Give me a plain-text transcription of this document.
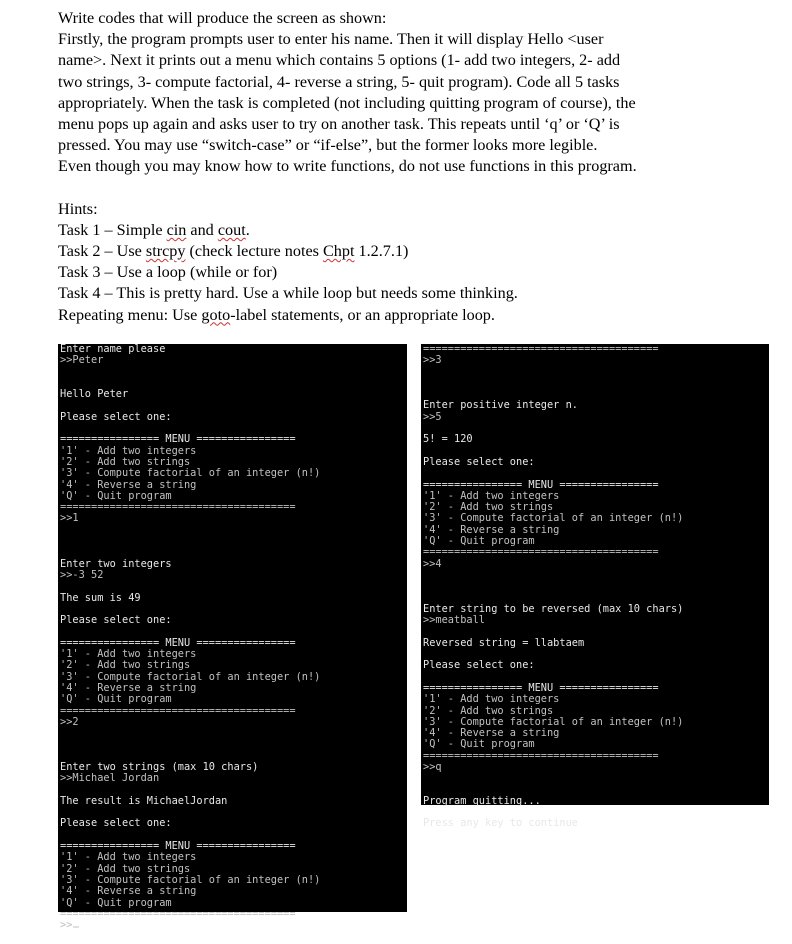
Write codes that will produce the screen as shown:

Firstly, the program prompts user to enter his name. Then it will display Hello <user

name>. Next it prints out a menu which contains 5 options (1- add two integers, 2- add

two strings, 3- compute factorial, 4- reverse a string, 5- quit program). Code all 5 tasks

appropriately. When the task is completed (not including quitting program of course), the

menu pops up again and asks user to try on another task. This repeats until ‘q’ or ‘Q’ is

pressed. You may use “switch-case” or “if-else”, but the former looks more legible.

Even though you may know how to write functions, do not use functions in this program.

Hints:

Task 1 – Simple cin and cout.

Task 2 – Use strcpy (check lecture notes Chpt 1.2.7.1)

Task 3 – Use a loop (while or for)

Task 4 – This is pretty hard. Use a while loop but needs some thinking.

Repeating menu: Use goto-label statements, or an appropriate loop.

Enter name please
>>Peter
Hello Peter
Please select one:
================ MENU ================
'1' - Add two integers
'2' - Add two strings
'3' - Compute factorial of an integer (n!)
'4' - Reverse a string
'Q' - Quit program
======================================
>>1
Enter two integers
>>-3 52
The sum is 49
Please select one:
================ MENU ================
'1' - Add two integers
'2' - Add two strings
'3' - Compute factorial of an integer (n!)
'4' - Reverse a string
'Q' - Quit program
======================================
>>2
Enter two strings (max 10 chars)
>>Michael Jordan
The result is MichaelJordan
Please select one:
================ MENU ================
'1' - Add two integers
'2' - Add two strings
'3' - Compute factorial of an integer (n!)
'4' - Reverse a string
'Q' - Quit program
======================================
>>
======================================
>>3
Enter positive integer n.
>>5
5! = 120
Please select one:
================ MENU ================
'1' - Add two integers
'2' - Add two strings
'3' - Compute factorial of an integer (n!)
'4' - Reverse a string
'Q' - Quit program
======================================
>>4
Enter string to be reversed (max 10 chars)
>>meatball
Reversed string = llabtaem
Please select one:
================ MENU ================
'1' - Add two integers
'2' - Add two strings
'3' - Compute factorial of an integer (n!)
'4' - Reverse a string
'Q' - Quit program
======================================
>>q
Program quitting...
Press any key to continue
